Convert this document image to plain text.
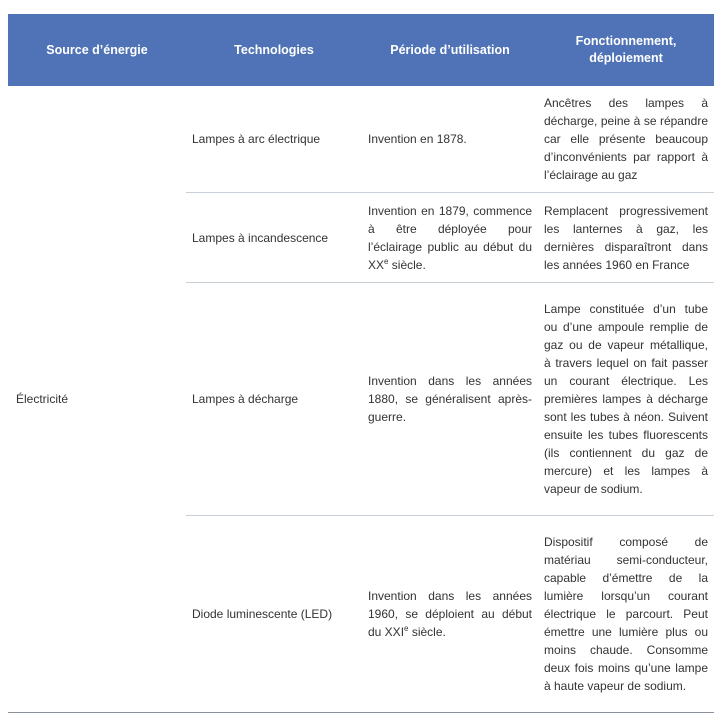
Source d’énergie	Technologies	Période d’utilisation	Fonctionnement,
déploiement
Électricité	Lampes à arc électrique	Invention en 1878.	Ancêtres des lampes à décharge, peine à se répandre car elle présente beaucoup d’inconvénients par rapport à l’éclairage au gaz
	Lampes à incandescence	Invention en 1879, commence à être déployée pour l’éclairage public au début du XXe siècle.	Remplacent progressivement les lanternes à gaz, les dernières disparaîtront dans les années 1960 en France
	Lampes à décharge	Invention dans les années 1880, se généralisent après-guerre.	Lampe constituée d’un tube ou d’une ampoule remplie de gaz ou de vapeur métallique, à travers lequel on fait passer un courant électrique. Les premières lampes à décharge sont les tubes à néon. Suivent ensuite les tubes fluorescents (ils contiennent du gaz de mercure) et les lampes à vapeur de sodium.
	Diode luminescente (LED)	Invention dans les années 1960, se déploient au début du XXIe siècle.	Dispositif composé de matériau semi-conducteur, capable d’émettre de la lumière lorsqu’un courant électrique le parcourt. Peut émettre une lumière plus ou moins chaude. Consomme deux fois moins qu’une lampe à haute vapeur de sodium.
